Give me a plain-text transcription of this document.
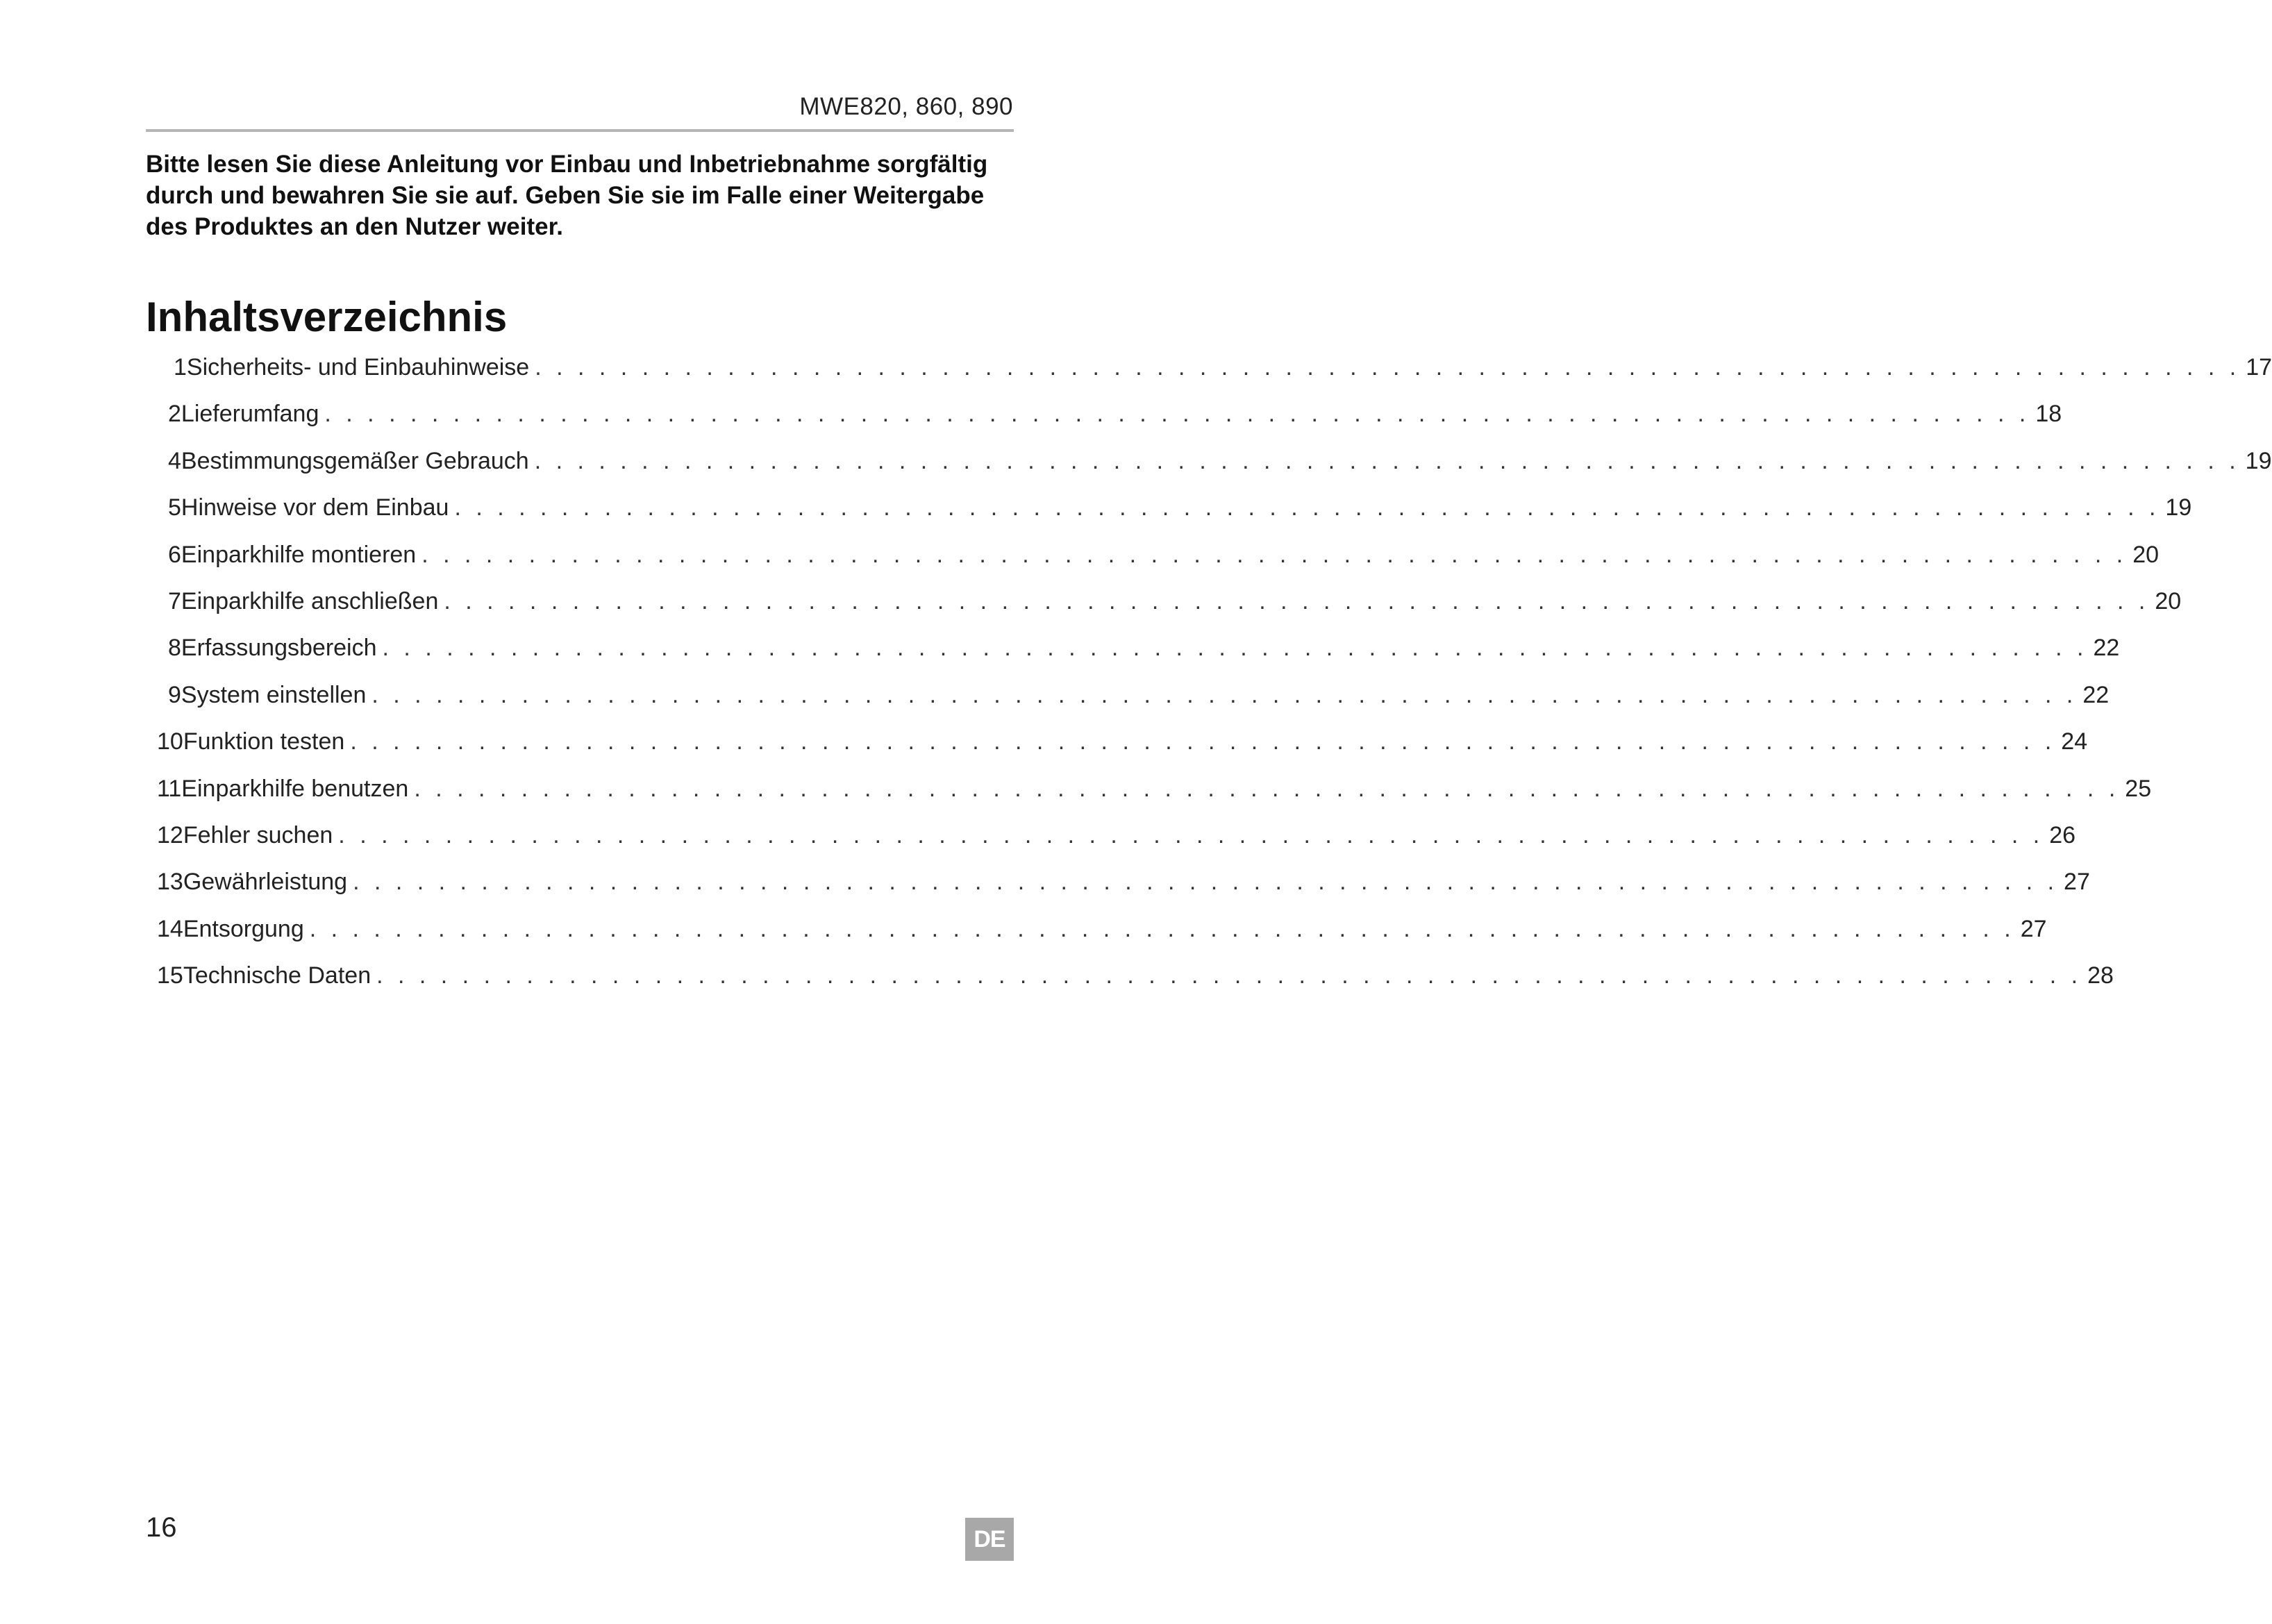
MWE820, 860, 890
Bitte lesen Sie diese Anleitung vor Einbau und Inbetriebnahme sorgfältig durch und bewahren Sie sie auf. Geben Sie sie im Falle einer Weitergabe des Produktes an den Nutzer weiter.
Inhaltsverzeichnis
1 Sicherheits- und Einbauhinweise . . . . . . . . . . . . . . . . . . . . . . . . . . . . . . . . . . . . . . . . . . . . . . . . . . . . . . . . . . . . . . . . . . . . . . . . . . . . . . . . 17
2 Lieferumfang . . . . . . . . . . . . . . . . . . . . . . . . . . . . . . . . . . . . . . . . . . . . . . . . . . . . . . . . . . . . . . . . . . . . . . . . . . . . . . . . 18
4 Bestimmungsgemäßer Gebrauch . . . . . . . . . . . . . . . . . . . . . . . . . . . . . . . . . . . . . . . . . . . . . . . . . . . . . . . . . . . . . . . . . . . . . . . . . . . . . . . . 19
5 Hinweise vor dem Einbau . . . . . . . . . . . . . . . . . . . . . . . . . . . . . . . . . . . . . . . . . . . . . . . . . . . . . . . . . . . . . . . . . . . . . . . . . . . . . . . . 19
6 Einparkhilfe montieren . . . . . . . . . . . . . . . . . . . . . . . . . . . . . . . . . . . . . . . . . . . . . . . . . . . . . . . . . . . . . . . . . . . . . . . . . . . . . . . . 20
7 Einparkhilfe anschließen . . . . . . . . . . . . . . . . . . . . . . . . . . . . . . . . . . . . . . . . . . . . . . . . . . . . . . . . . . . . . . . . . . . . . . . . . . . . . . . . 20
8 Erfassungsbereich . . . . . . . . . . . . . . . . . . . . . . . . . . . . . . . . . . . . . . . . . . . . . . . . . . . . . . . . . . . . . . . . . . . . . . . . . . . . . . . . 22
9 System einstellen . . . . . . . . . . . . . . . . . . . . . . . . . . . . . . . . . . . . . . . . . . . . . . . . . . . . . . . . . . . . . . . . . . . . . . . . . . . . . . . . 22
10 Funktion testen . . . . . . . . . . . . . . . . . . . . . . . . . . . . . . . . . . . . . . . . . . . . . . . . . . . . . . . . . . . . . . . . . . . . . . . . . . . . . . . . 24
11 Einparkhilfe benutzen . . . . . . . . . . . . . . . . . . . . . . . . . . . . . . . . . . . . . . . . . . . . . . . . . . . . . . . . . . . . . . . . . . . . . . . . . . . . . . . . 25
12 Fehler suchen . . . . . . . . . . . . . . . . . . . . . . . . . . . . . . . . . . . . . . . . . . . . . . . . . . . . . . . . . . . . . . . . . . . . . . . . . . . . . . . . 26
13 Gewährleistung . . . . . . . . . . . . . . . . . . . . . . . . . . . . . . . . . . . . . . . . . . . . . . . . . . . . . . . . . . . . . . . . . . . . . . . . . . . . . . . . 27
14 Entsorgung . . . . . . . . . . . . . . . . . . . . . . . . . . . . . . . . . . . . . . . . . . . . . . . . . . . . . . . . . . . . . . . . . . . . . . . . . . . . . . . . 27
15 Technische Daten . . . . . . . . . . . . . . . . . . . . . . . . . . . . . . . . . . . . . . . . . . . . . . . . . . . . . . . . . . . . . . . . . . . . . . . . . . . . . . . . 28
16	DE
